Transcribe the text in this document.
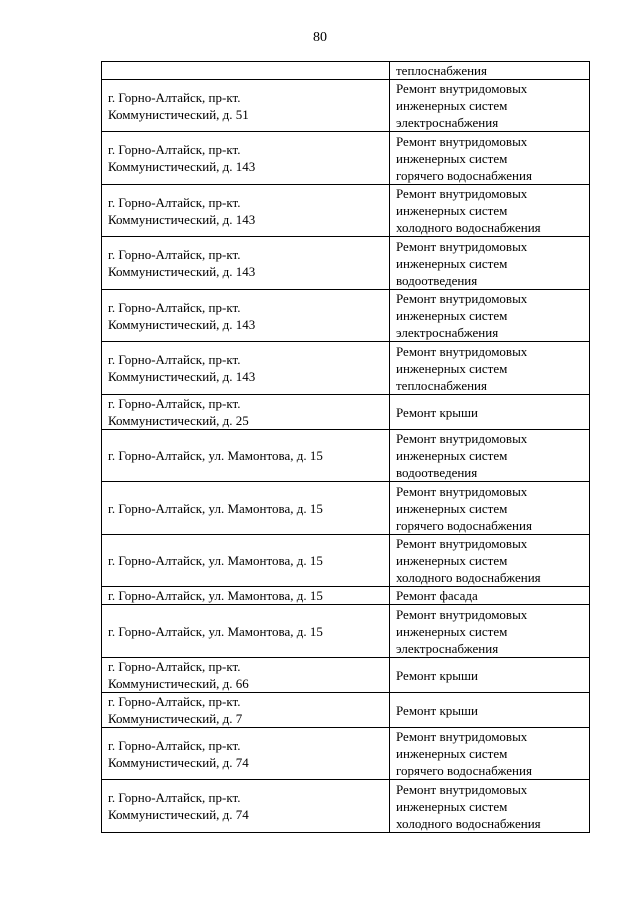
80
	теплоснабжения
г. Горно-Алтайск, пр-кт.
Коммунистический, д. 51	Ремонт внутридомовых
инженерных систем
электроснабжения
г. Горно-Алтайск, пр-кт.
Коммунистический, д. 143	Ремонт внутридомовых
инженерных систем
горячего водоснабжения
г. Горно-Алтайск, пр-кт.
Коммунистический, д. 143	Ремонт внутридомовых
инженерных систем
холодного водоснабжения
г. Горно-Алтайск, пр-кт.
Коммунистический, д. 143	Ремонт внутридомовых
инженерных систем
водоотведения
г. Горно-Алтайск, пр-кт.
Коммунистический, д. 143	Ремонт внутридомовых
инженерных систем
электроснабжения
г. Горно-Алтайск, пр-кт.
Коммунистический, д. 143	Ремонт внутридомовых
инженерных систем
теплоснабжения
г. Горно-Алтайск, пр-кт.
Коммунистический, д. 25	Ремонт крыши
г. Горно-Алтайск, ул. Мамонтова, д. 15	Ремонт внутридомовых
инженерных систем
водоотведения
г. Горно-Алтайск, ул. Мамонтова, д. 15	Ремонт внутридомовых
инженерных систем
горячего водоснабжения
г. Горно-Алтайск, ул. Мамонтова, д. 15	Ремонт внутридомовых
инженерных систем
холодного водоснабжения
г. Горно-Алтайск, ул. Мамонтова, д. 15	Ремонт фасада
г. Горно-Алтайск, ул. Мамонтова, д. 15	Ремонт внутридомовых
инженерных систем
электроснабжения
г. Горно-Алтайск, пр-кт.
Коммунистический, д. 66	Ремонт крыши
г. Горно-Алтайск, пр-кт.
Коммунистический, д. 7	Ремонт крыши
г. Горно-Алтайск, пр-кт.
Коммунистический, д. 74	Ремонт внутридомовых
инженерных систем
горячего водоснабжения
г. Горно-Алтайск, пр-кт.
Коммунистический, д. 74	Ремонт внутридомовых
инженерных систем
холодного водоснабжения
